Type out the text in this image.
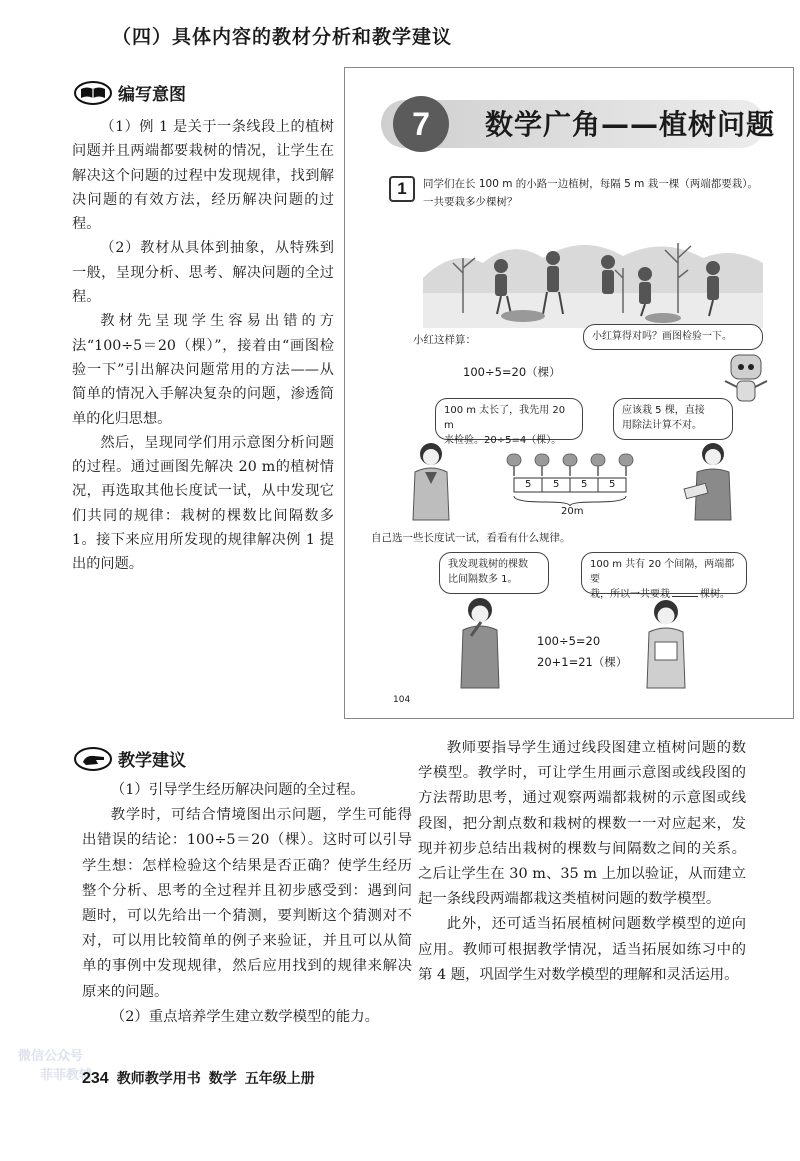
（四）具体内容的教材分析和教学建议
编写意图

（1）例 1 是关于一条线段上的植树问题并且两端都要栽树的情况，让学生在解决这个问题的过程中发现规律，找到解决问题的有效方法，经历解决问题的过程。

（2）教材从具体到抽象，从特殊到一般，呈现分析、思考、解决问题的全过程。

教材先呈现学生容易出错的方法“100÷5＝20（棵）”，接着由“画图检验一下”引出解决问题常用的方法——从简单的情况入手解决复杂的问题，渗透简单的化归思想。

然后，呈现同学们用示意图分析问题的过程。通过画图先解决 20 m的植树情况，再选取其他长度试一试，从中发现它们共同的规律：栽树的棵数比间隔数多 1。接下来应用所发现的规律解决例 1 提出的问题。

7	数学广角——植树问题
1	同学们在长 100 m 的小路一边植树，每隔 5 m 栽一棵（两端都要栽）。
一共要栽多少棵树？
小红这样算：	小红算得对吗？画图检验一下。
100÷5=20（棵）
100 m 太长了，我先用 20 m
来检验。20÷5=4（棵）。
应该栽 5 棵，直接
用除法计算不对。
5 5 5 5
20m
自己选一些长度试一试，看看有什么规律。
我发现栽树的棵数
比间隔数多 1。
100 m 共有 20 个间隔，两端都要
栽，所以一共要栽	棵树。
100÷5=20
20+1=21（棵）
104
教学建议

（1）引导学生经历解决问题的全过程。

教学时，可结合情境图出示问题，学生可能得出错误的结论：100÷5＝20（棵）。这时可以引导学生想：怎样检验这个结果是否正确？使学生经历整个分析、思考的全过程并且初步感受到：遇到问题时，可以先给出一个猜测，要判断这个猜测对不对，可以用比较简单的例子来验证，并且可以从简单的事例中发现规律，然后应用找到的规律来解决原来的问题。

（2）重点培养学生建立数学模型的能力。

教师要指导学生通过线段图建立植树问题的数学模型。教学时，可让学生用画示意图或线段图的方法帮助思考，通过观察两端都栽树的示意图或线段图，把分割点数和栽树的棵数一一对应起来，发现并初步总结出栽树的棵数与间隔数之间的关系。之后让学生在 30 m、35 m 上加以验证，从而建立起一条线段两端都栽这类植树问题的数学模型。

此外，还可适当拓展植树问题数学模型的逆向应用。教师可根据教学情况，适当拓展如练习中的第 4 题，巩固学生对数学模型的理解和灵活运用。

微信公众号
菲菲教辅
234 教师教学用书 数学 五年级上册
